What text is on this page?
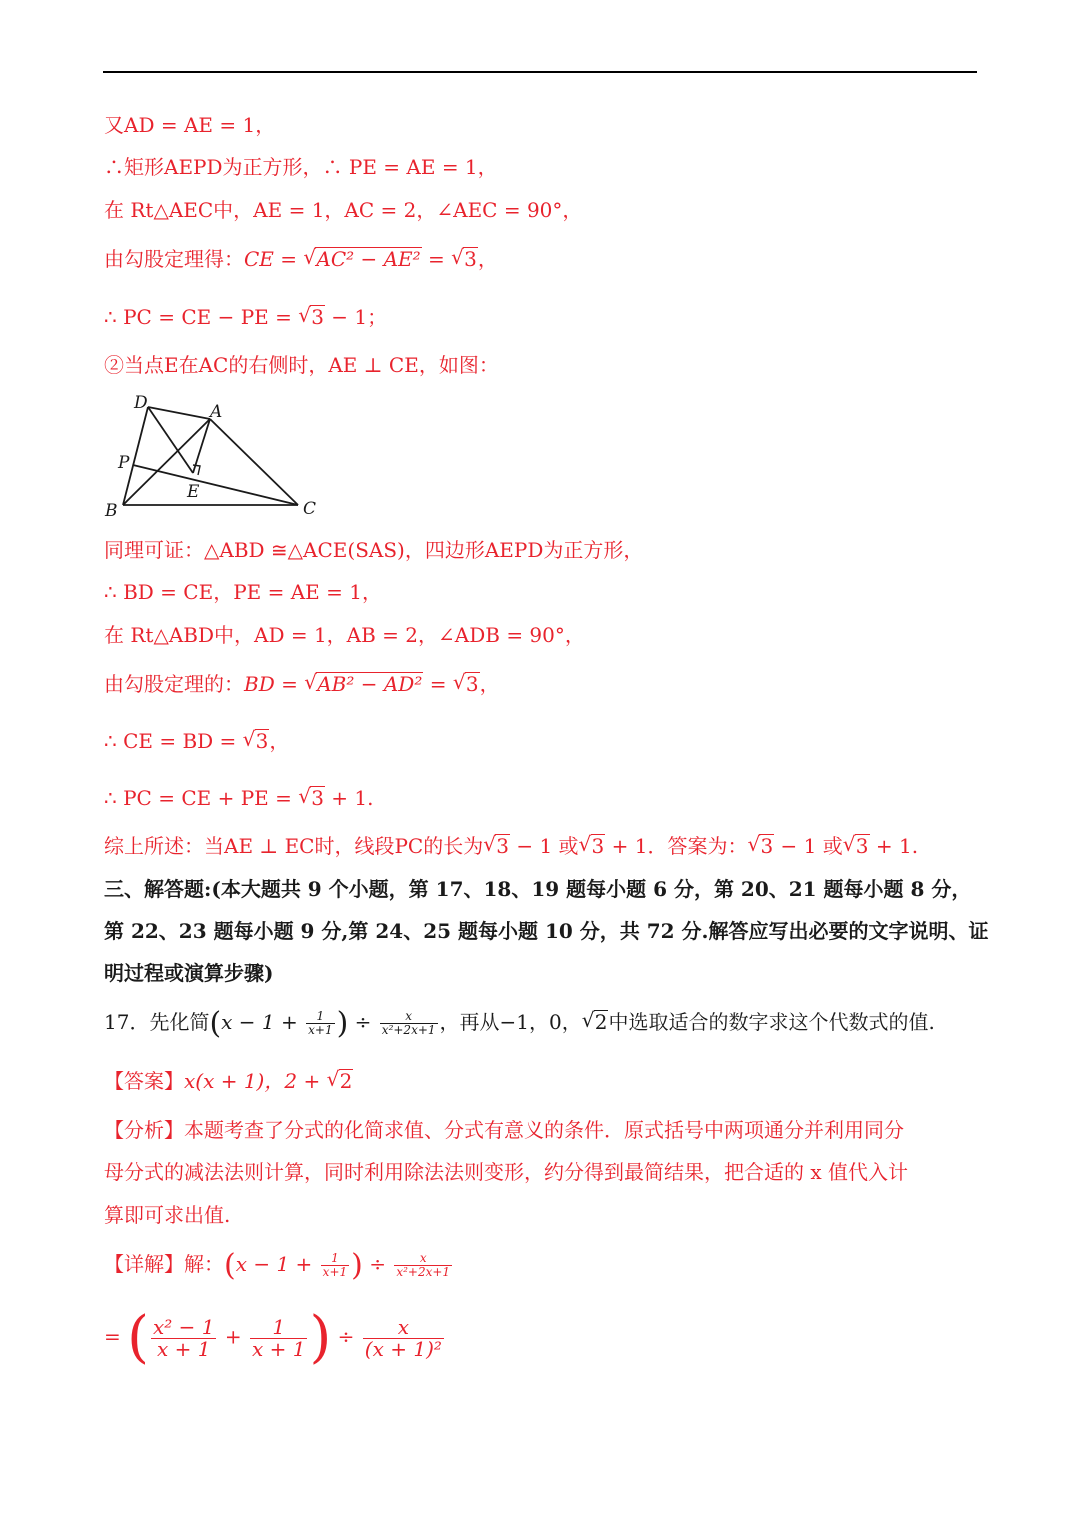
又AD = AE = 1，
∴矩形AEPD为正方形，∴ PE = AE = 1，
在 Rt△AEC中，AE = 1，AC = 2，∠AEC = 90°，
由勾股定理得：CE = √ AC² − AE² = √ 3，
∴ PC = CE − PE = √ 3 − 1；
②当点E在AC的右侧时，AE ⊥ CE，如图：
D	A
P
E
B	C
同理可证：△ABD ≅△ACE(SAS)，四边形AEPD为正方形，
∴ BD = CE，PE = AE = 1，
在 Rt△ABD中，AD = 1，AB = 2，∠ADB = 90°，
由勾股定理的：BD = √ AB² − AD² = √ 3，
∴ CE = BD = √ 3，
∴ PC = CE + PE = √ 3 + 1.
综上所述：当AE ⊥ EC时，线段PC的长为 √ 3 − 1 或 √ 3 + 1．答案为： √ 3 − 1 或 √ 3 + 1.
三、解答题:(本大题共 9 个小题，第 17、18、19 题每小题 6 分，第 20、21 题每小题 8 分，
第 22、23 题每小题 9 分,第 24、25 题每小题 10 分，共 72 分.解答应写出必要的文字说明、证
明过程或演算步骤)
17．先化简($x - 1 + \frac{1}{x+1}$ ) ÷ $\frac{x}{\text{x²+2x+1}}$ ，再从−1，0， √ 2中选取适合的数字求这个代数式的值.
【答案】x(x + 1)，2 + √ 2
【分析】本题考查了分式的化简求值、分式有意义的条件．原式括号中两项通分并利用同分
母分式的减法法则计算，同时利用除法法则变形，约分得到最简结果，把合适的 x 值代入计
算即可求出值.
【详解】解：($x - 1 + \frac{1}{x+1}$ ) ÷ $\frac{x}{\text{x²+2x+1}}$
= ( $\frac{\text{x² − 1}}{x + 1} + \frac{1}{x + 1}$ ) ÷ $\frac{x}{\text{(x + 1)²}}$
